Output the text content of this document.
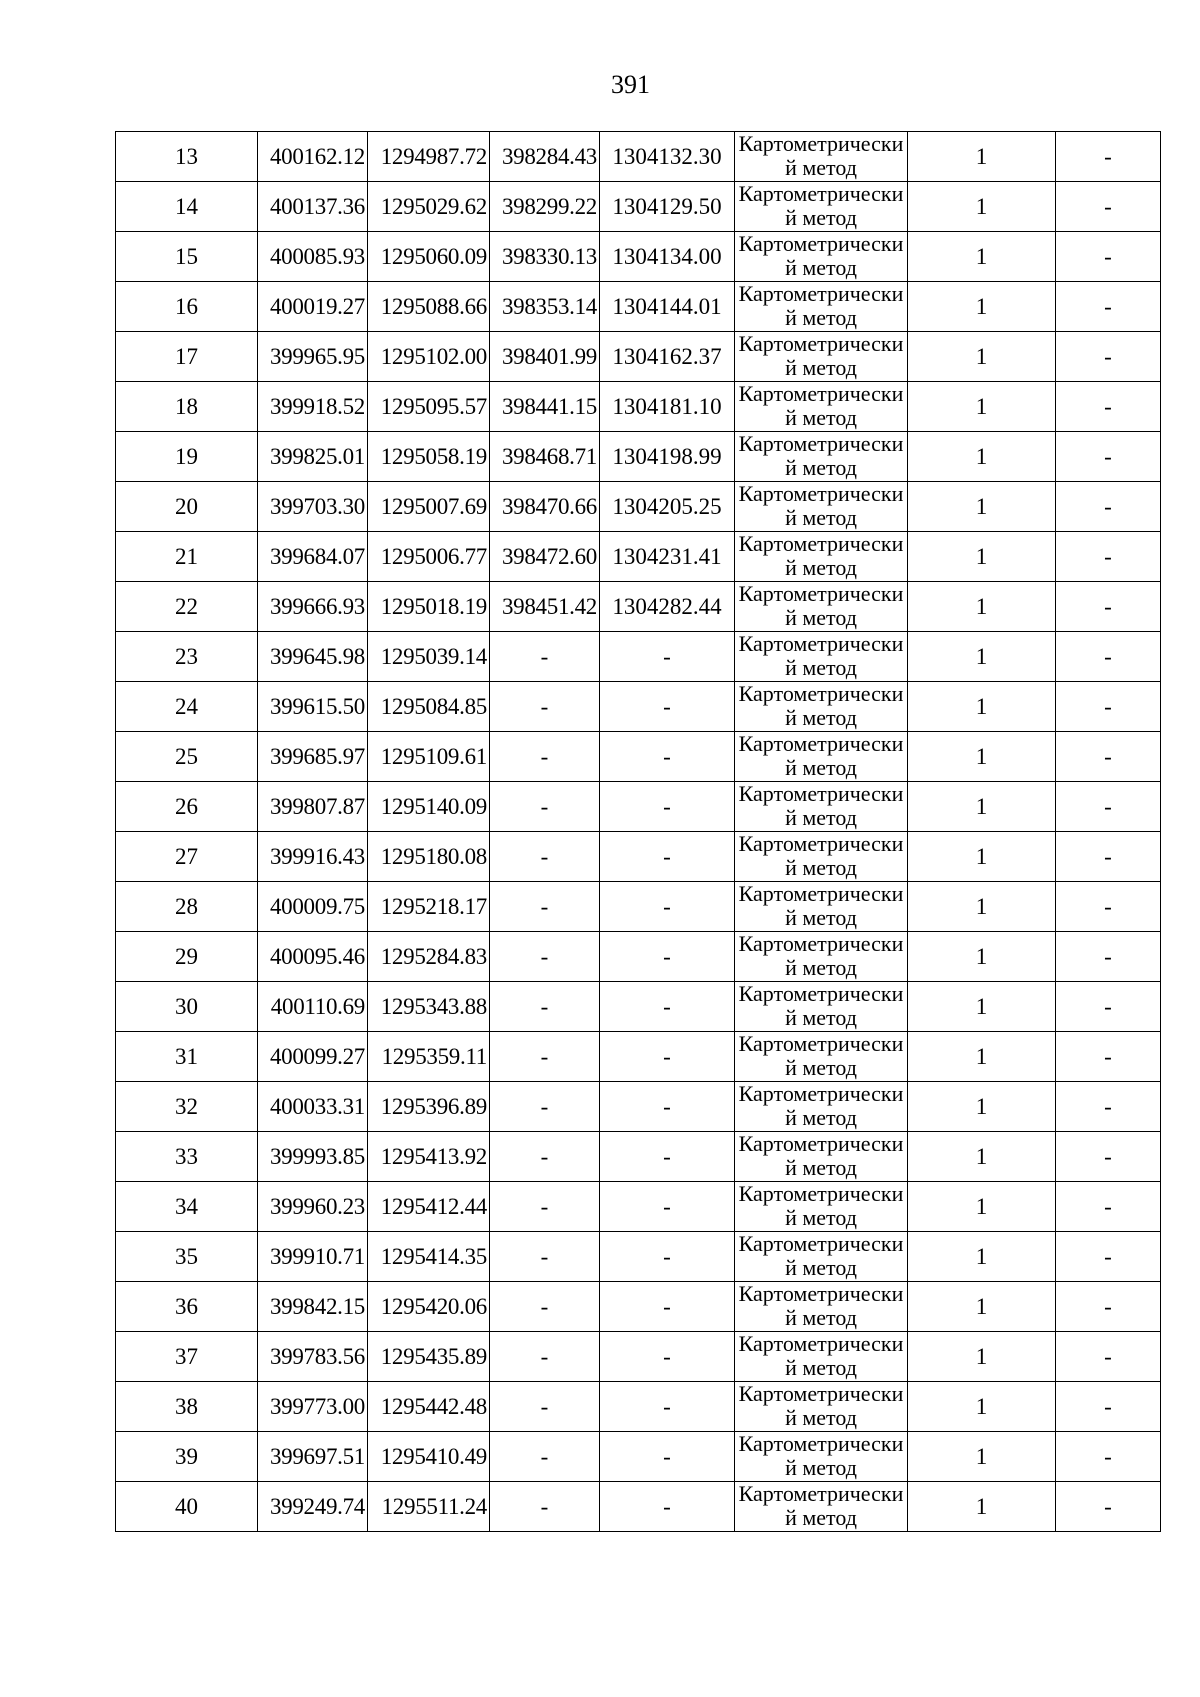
391
13	400162.12	1294987.72	398284.43	1304132.30	Картометрический метод	1	-
14	400137.36	1295029.62	398299.22	1304129.50	Картометрический метод	1	-
15	400085.93	1295060.09	398330.13	1304134.00	Картометрический метод	1	-
16	400019.27	1295088.66	398353.14	1304144.01	Картометрический метод	1	-
17	399965.95	1295102.00	398401.99	1304162.37	Картометрический метод	1	-
18	399918.52	1295095.57	398441.15	1304181.10	Картометрический метод	1	-
19	399825.01	1295058.19	398468.71	1304198.99	Картометрический метод	1	-
20	399703.30	1295007.69	398470.66	1304205.25	Картометрический метод	1	-
21	399684.07	1295006.77	398472.60	1304231.41	Картометрический метод	1	-
22	399666.93	1295018.19	398451.42	1304282.44	Картометрический метод	1	-
23	399645.98	1295039.14	-	-	Картометрический метод	1	-
24	399615.50	1295084.85	-	-	Картометрический метод	1	-
25	399685.97	1295109.61	-	-	Картометрический метод	1	-
26	399807.87	1295140.09	-	-	Картометрический метод	1	-
27	399916.43	1295180.08	-	-	Картометрический метод	1	-
28	400009.75	1295218.17	-	-	Картометрический метод	1	-
29	400095.46	1295284.83	-	-	Картометрический метод	1	-
30	400110.69	1295343.88	-	-	Картометрический метод	1	-
31	400099.27	1295359.11	-	-	Картометрический метод	1	-
32	400033.31	1295396.89	-	-	Картометрический метод	1	-
33	399993.85	1295413.92	-	-	Картометрический метод	1	-
34	399960.23	1295412.44	-	-	Картометрический метод	1	-
35	399910.71	1295414.35	-	-	Картометрический метод	1	-
36	399842.15	1295420.06	-	-	Картометрический метод	1	-
37	399783.56	1295435.89	-	-	Картометрический метод	1	-
38	399773.00	1295442.48	-	-	Картометрический метод	1	-
39	399697.51	1295410.49	-	-	Картометрический метод	1	-
40	399249.74	1295511.24	-	-	Картометрический метод	1	-
